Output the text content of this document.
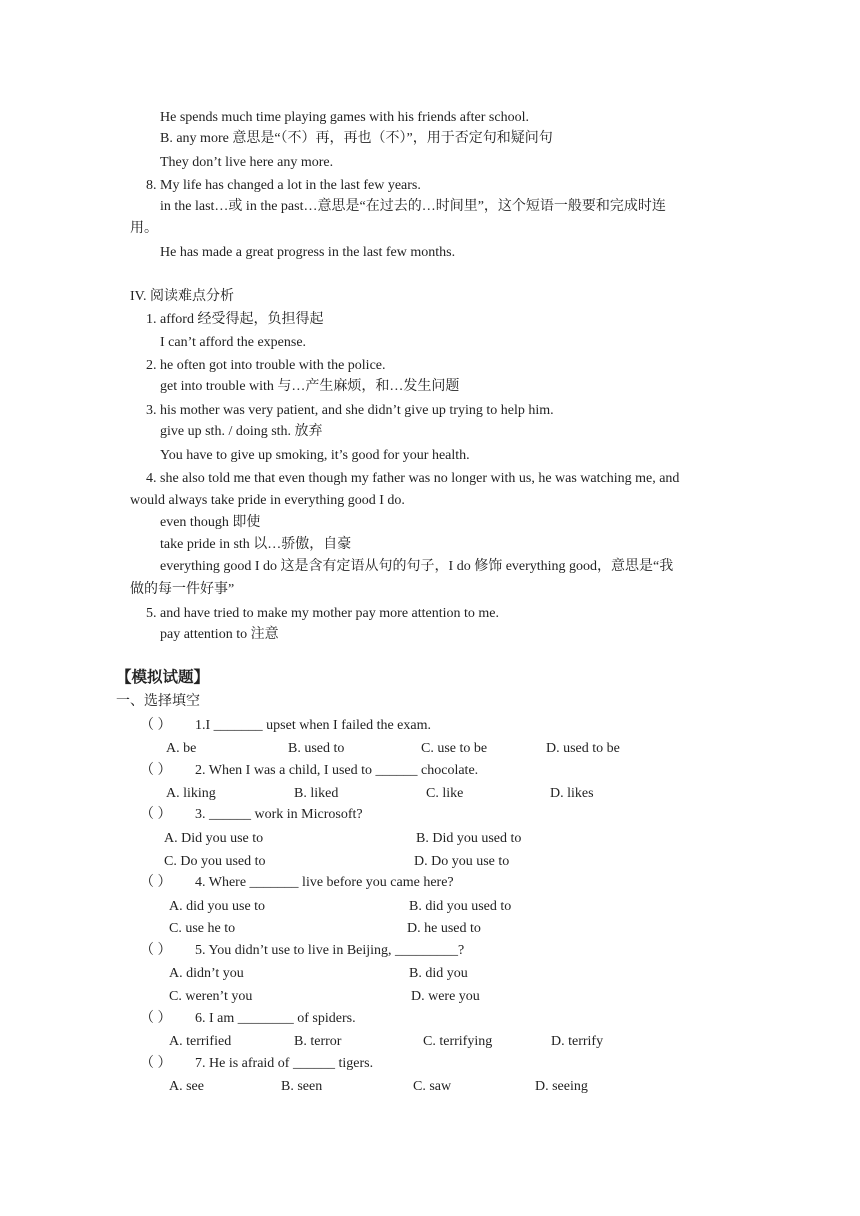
He spends much time playing games with his friends after school.
B. any more 意思是“（不）再，再也（不）”，用于否定句和疑问句
They don’t live here any more.
8. My life has changed a lot in the last few years.
in the last…或 in the past…意思是“在过去的…时间里”，这个短语一般要和完成时连
用。
He has made a great progress in the last few months.
IV. 阅读难点分析
1. afford 经受得起，负担得起
I can’t afford the expense.
2. he often got into trouble with the police.
get into trouble with 与…产生麻烦，和…发生问题
3. his mother was very patient, and she didn’t give up trying to help him.
give up sth. / doing sth. 放弃
You have to give up smoking, it’s good for your health.
4. she also told me that even though my father was no longer with us, he was watching me, and
would always take pride in everything good I do.
even though 即使
take pride in sth 以…骄傲，自豪
everything good I do 这是含有定语从句的句子，I do 修饰 everything good，意思是“我
做的每一件好事”
5. and have tried to make my mother pay more attention to me.
pay attention to 注意
【模拟试题】
一、选择填空
（ ） 1.I _______ upset when I failed the exam.
A. be	B. used to	C. use to be	D. used to be
（ ） 2. When I was a child, I used to ______ chocolate.
A. liking	B. liked	C. like	D. likes
（ ） 3. ______ work in Microsoft?
A. Did you use to	B. Did you used to
C. Do you used to	D. Do you use to
（ ） 4. Where _______ live before you came here?
A. did you use to	B. did you used to
C. use he to	D. he used to
（ ） 5. You didn’t use to live in Beijing, _________?
A. didn’t you	B. did you
C. weren’t you	D. were you
（ ） 6. I am ________ of spiders.
A. terrified	B. terror	C. terrifying	D. terrify
（ ） 7. He is afraid of ______ tigers.
A. see	B. seen	C. saw	D. seeing
